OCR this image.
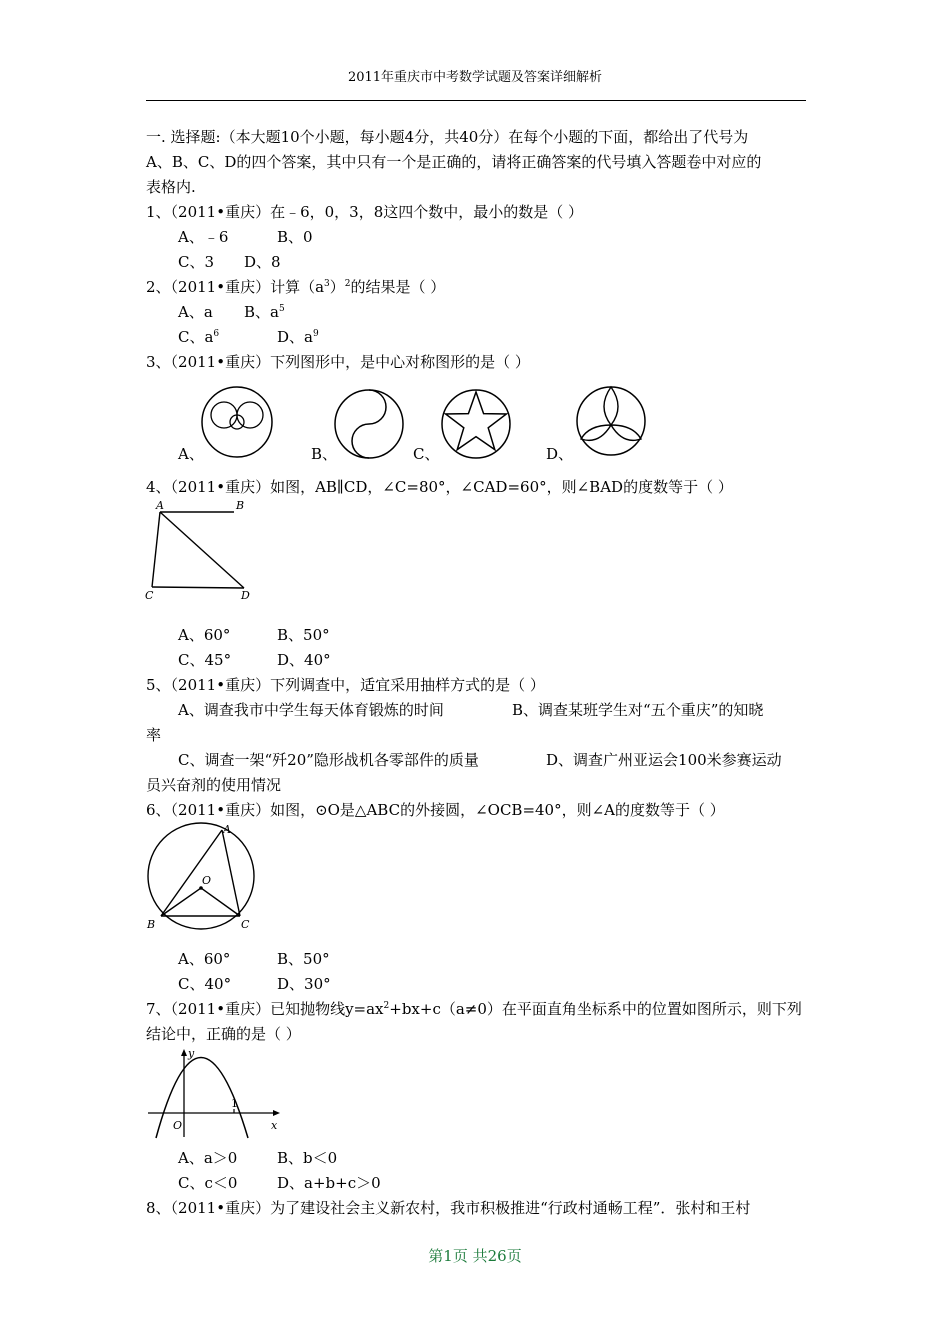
2011年重庆市中考数学试题及答案详细解析
一. 选择题:（本大题10个小题，每小题4分，共40分）在每个小题的下面，都给出了代号为
A、B、C、D的四个答案，其中只有一个是正确的，请将正确答案的代号填入答题卷中对应的
表格内.
1、（2011•重庆）在﹣6，0，3，8这四个数中，最小的数是（ ）
A、﹣6	B、0
C、3 D、8
2、（2011•重庆）计算$(a^3)^2$的结果是（ ）
A、a B、$a^5$
C、$a^6$	D、$a^9$
3、（2011•重庆）下列图形中，是中心对称图形的是（ ）
A、	B、	C、	D、
4、（2011•重庆）如图，AB∥CD，∠C=80°，∠CAD=60°，则∠BAD的度数等于（ ）
A	B
C	D
A、60°	B、50°
C、45°	D、40°
5、（2011•重庆）下列调查中，适宜采用抽样方式的是（ ）
A、调查我市中学生每天体育锻炼的时间	B、调查某班学生对“五个重庆”的知晓
率
C、调查一架“歼20”隐形战机各零部件的质量	D、调查广州亚运会100米参赛运动
员兴奋剂的使用情况
6、（2011•重庆）如图，⊙O是△ABC的外接圆，∠OCB=40°，则∠A的度数等于（ ）
A
B	C
O
A、60°	B、50°
C、40°	D、30°
7、（2011•重庆）已知抛物线$y=ax^2+bx+c(a\ne 0)$在平面直角坐标系中的位置如图所示，则下列
结论中，正确的是（ ）
y
x
O
1
A、a＞0	B、b＜0
C、c＜0	D、a+b+c＞0
8、（2011•重庆）为了建设社会主义新农村，我市积极推进“行政村通畅工程”．张村和王村
第1页 共26页
